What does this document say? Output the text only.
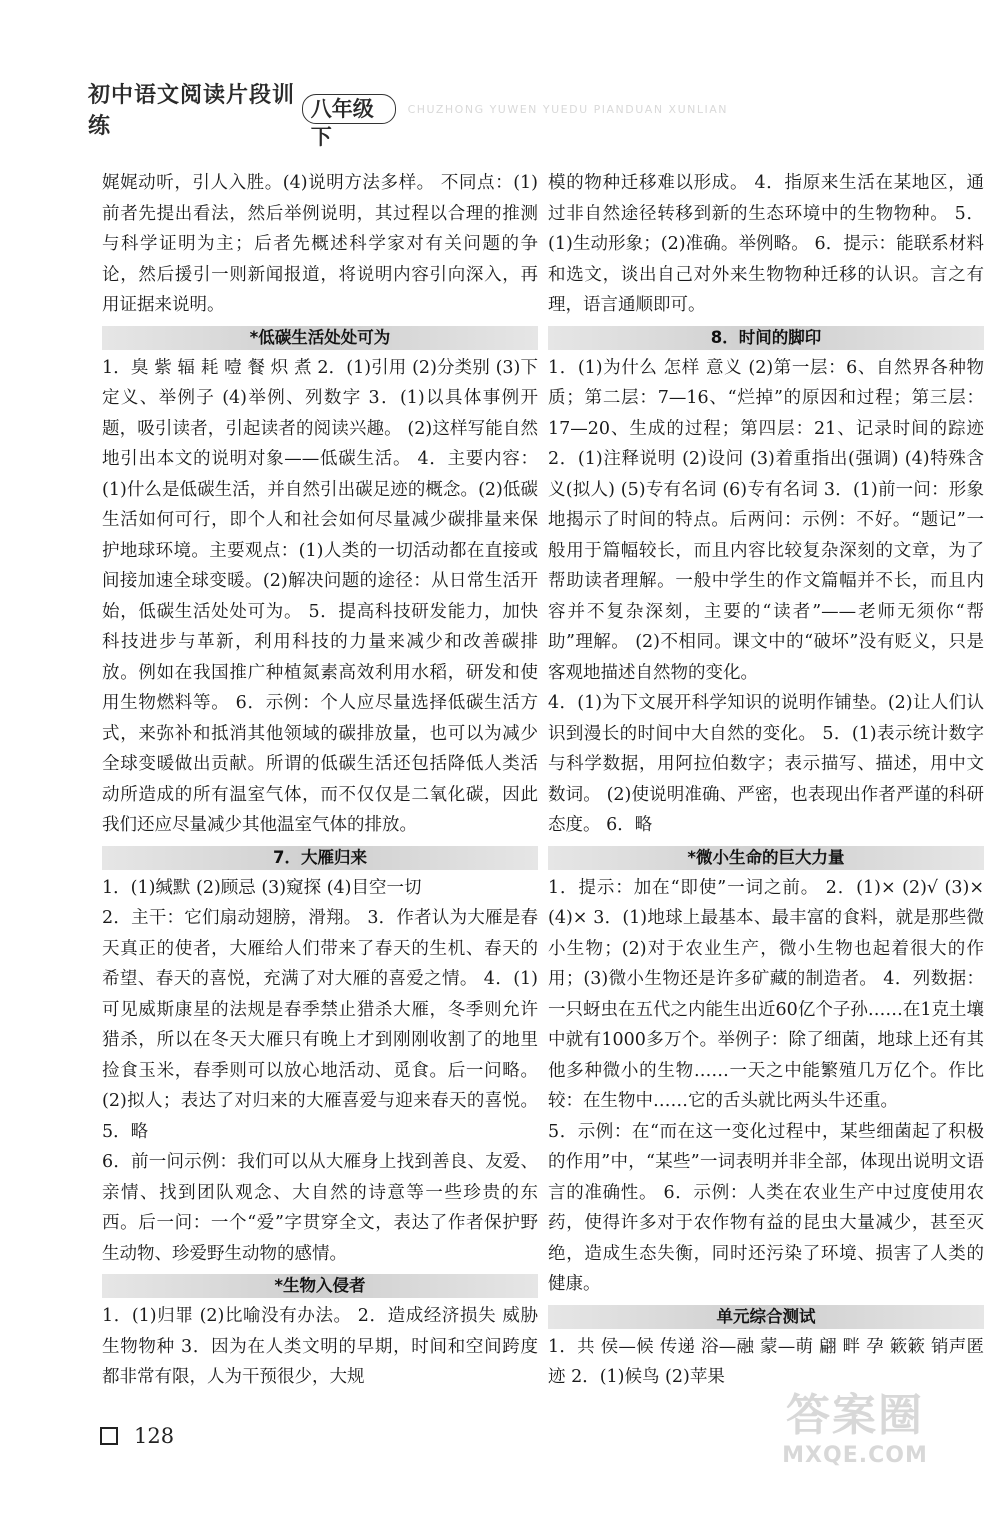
初中语文阅读片段训练
八年级下
CHUZHONG YUWEN YUEDU PIANDUAN XUNLIAN

娓娓动听，引人入胜。(4)说明方法多样。 不同点：(1)前者先提出看法，然后举例说明，其过程以合理的推测与科学证明为主；后者先概述科学家对有关问题的争论，然后援引一则新闻报道，将说明内容引向深入，再用证据来说明。

*低碳生活处处可为

1．臭 紫 辐 耗 噎 餐 炽 煮 2．(1)引用 (2)分类别 (3)下定义、举例子 (4)举例、列数字 3．(1)以具体事例开题，吸引读者，引起读者的阅读兴趣。 (2)这样写能自然地引出本文的说明对象——低碳生活。 4．主要内容：(1)什么是低碳生活，并自然引出碳足迹的概念。(2)低碳生活如何可行，即个人和社会如何尽量减少碳排量来保护地球环境。主要观点：(1)人类的一切活动都在直接或间接加速全球变暖。(2)解决问题的途径：从日常生活开始，低碳生活处处可为。 5．提高科技研发能力，加快科技进步与革新，利用科技的力量来减少和改善碳排放。例如在我国推广种植氮素高效利用水稻，研发和使用生物燃料等。 6．示例：个人应尽量选择低碳生活方式，来弥补和抵消其他领域的碳排放量，也可以为减少全球变暖做出贡献。所谓的低碳生活还包括降低人类活动所造成的所有温室气体，而不仅仅是二氧化碳，因此我们还应尽量减少其他温室气体的排放。

7．大雁归来

1．(1)缄默 (2)顾忌 (3)窥探 (4)目空一切

2．主干：它们扇动翅膀，滑翔。 3．作者认为大雁是春天真正的使者，大雁给人们带来了春天的生机、春天的希望、春天的喜悦，充满了对大雁的喜爱之情。 4．(1)可见威斯康星的法规是春季禁止猎杀大雁，冬季则允许猎杀，所以在冬天大雁只有晚上才到刚刚收割了的地里捡食玉米，春季则可以放心地活动、觅食。后一问略。 (2)拟人；表达了对归来的大雁喜爱与迎来春天的喜悦。 5．略

6．前一问示例：我们可以从大雁身上找到善良、友爱、亲情、找到团队观念、大自然的诗意等一些珍贵的东西。后一问：一个“爱”字贯穿全文，表达了作者保护野生动物、珍爱野生动物的感情。

*生物入侵者

1．(1)归罪 (2)比喻没有办法。 2．造成经济损失 威胁生物物种 3．因为在人类文明的早期，时间和空间跨度都非常有限，人为干预很少，大规

模的物种迁移难以形成。 4．指原来生活在某地区，通过非自然途径转移到新的生态环境中的生物物种。 5．(1)生动形象；(2)准确。举例略。 6．提示：能联系材料和选文，谈出自己对外来生物物种迁移的认识。言之有理，语言通顺即可。

8．时间的脚印

1．(1)为什么 怎样 意义 (2)第一层：6、自然界各种物质；第二层：7—16、“烂掉”的原因和过程；第三层：17—20、生成的过程；第四层：21、记录时间的踪迹 2．(1)注释说明 (2)设问 (3)着重指出(强调) (4)特殊含义(拟人) (5)专有名词 (6)专有名词 3．(1)前一问：形象地揭示了时间的特点。后两问：示例：不好。“题记”一般用于篇幅较长，而且内容比较复杂深刻的文章，为了帮助读者理解。一般中学生的作文篇幅并不长，而且内容并不复杂深刻，主要的“读者”——老师无须你“帮助”理解。 (2)不相同。课文中的“破坏”没有贬义，只是客观地描述自然物的变化。

4．(1)为下文展开科学知识的说明作铺垫。(2)让人们认识到漫长的时间中大自然的变化。 5．(1)表示统计数字与科学数据，用阿拉伯数字；表示描写、描述，用中文数词。 (2)使说明准确、严密，也表现出作者严谨的科研态度。 6．略

*微小生命的巨大力量

1．提示：加在“即使”一词之前。 2．(1)× (2)√ (3)× (4)× 3．(1)地球上最基本、最丰富的食料，就是那些微小生物；(2)对于农业生产，微小生物也起着很大的作用；(3)微小生物还是许多矿藏的制造者。 4．列数据：一只蚜虫在五代之内能生出近60亿个子孙……在1克土壤中就有1000多万个。举例子：除了细菌，地球上还有其他多种微小的生物……一天之中能繁殖几万亿个。作比较：在生物中……它的舌头就比两头牛还重。

5．示例：在“而在这一变化过程中，某些细菌起了积极的作用”中，“某些”一词表明并非全部，体现出说明文语言的准确性。 6．示例：人类在农业生产中过度使用农药，使得许多对于农作物有益的昆虫大量减少，甚至灭绝，造成生态失衡，同时还污染了环境、损害了人类的健康。

单元综合测试

1．共 侯—候 传递 浴—融 蒙—萌 翩 畔 孕 簌簌 销声匿迹 2．(1)候鸟 (2)苹果

128	答案圈
MXQE.COM
